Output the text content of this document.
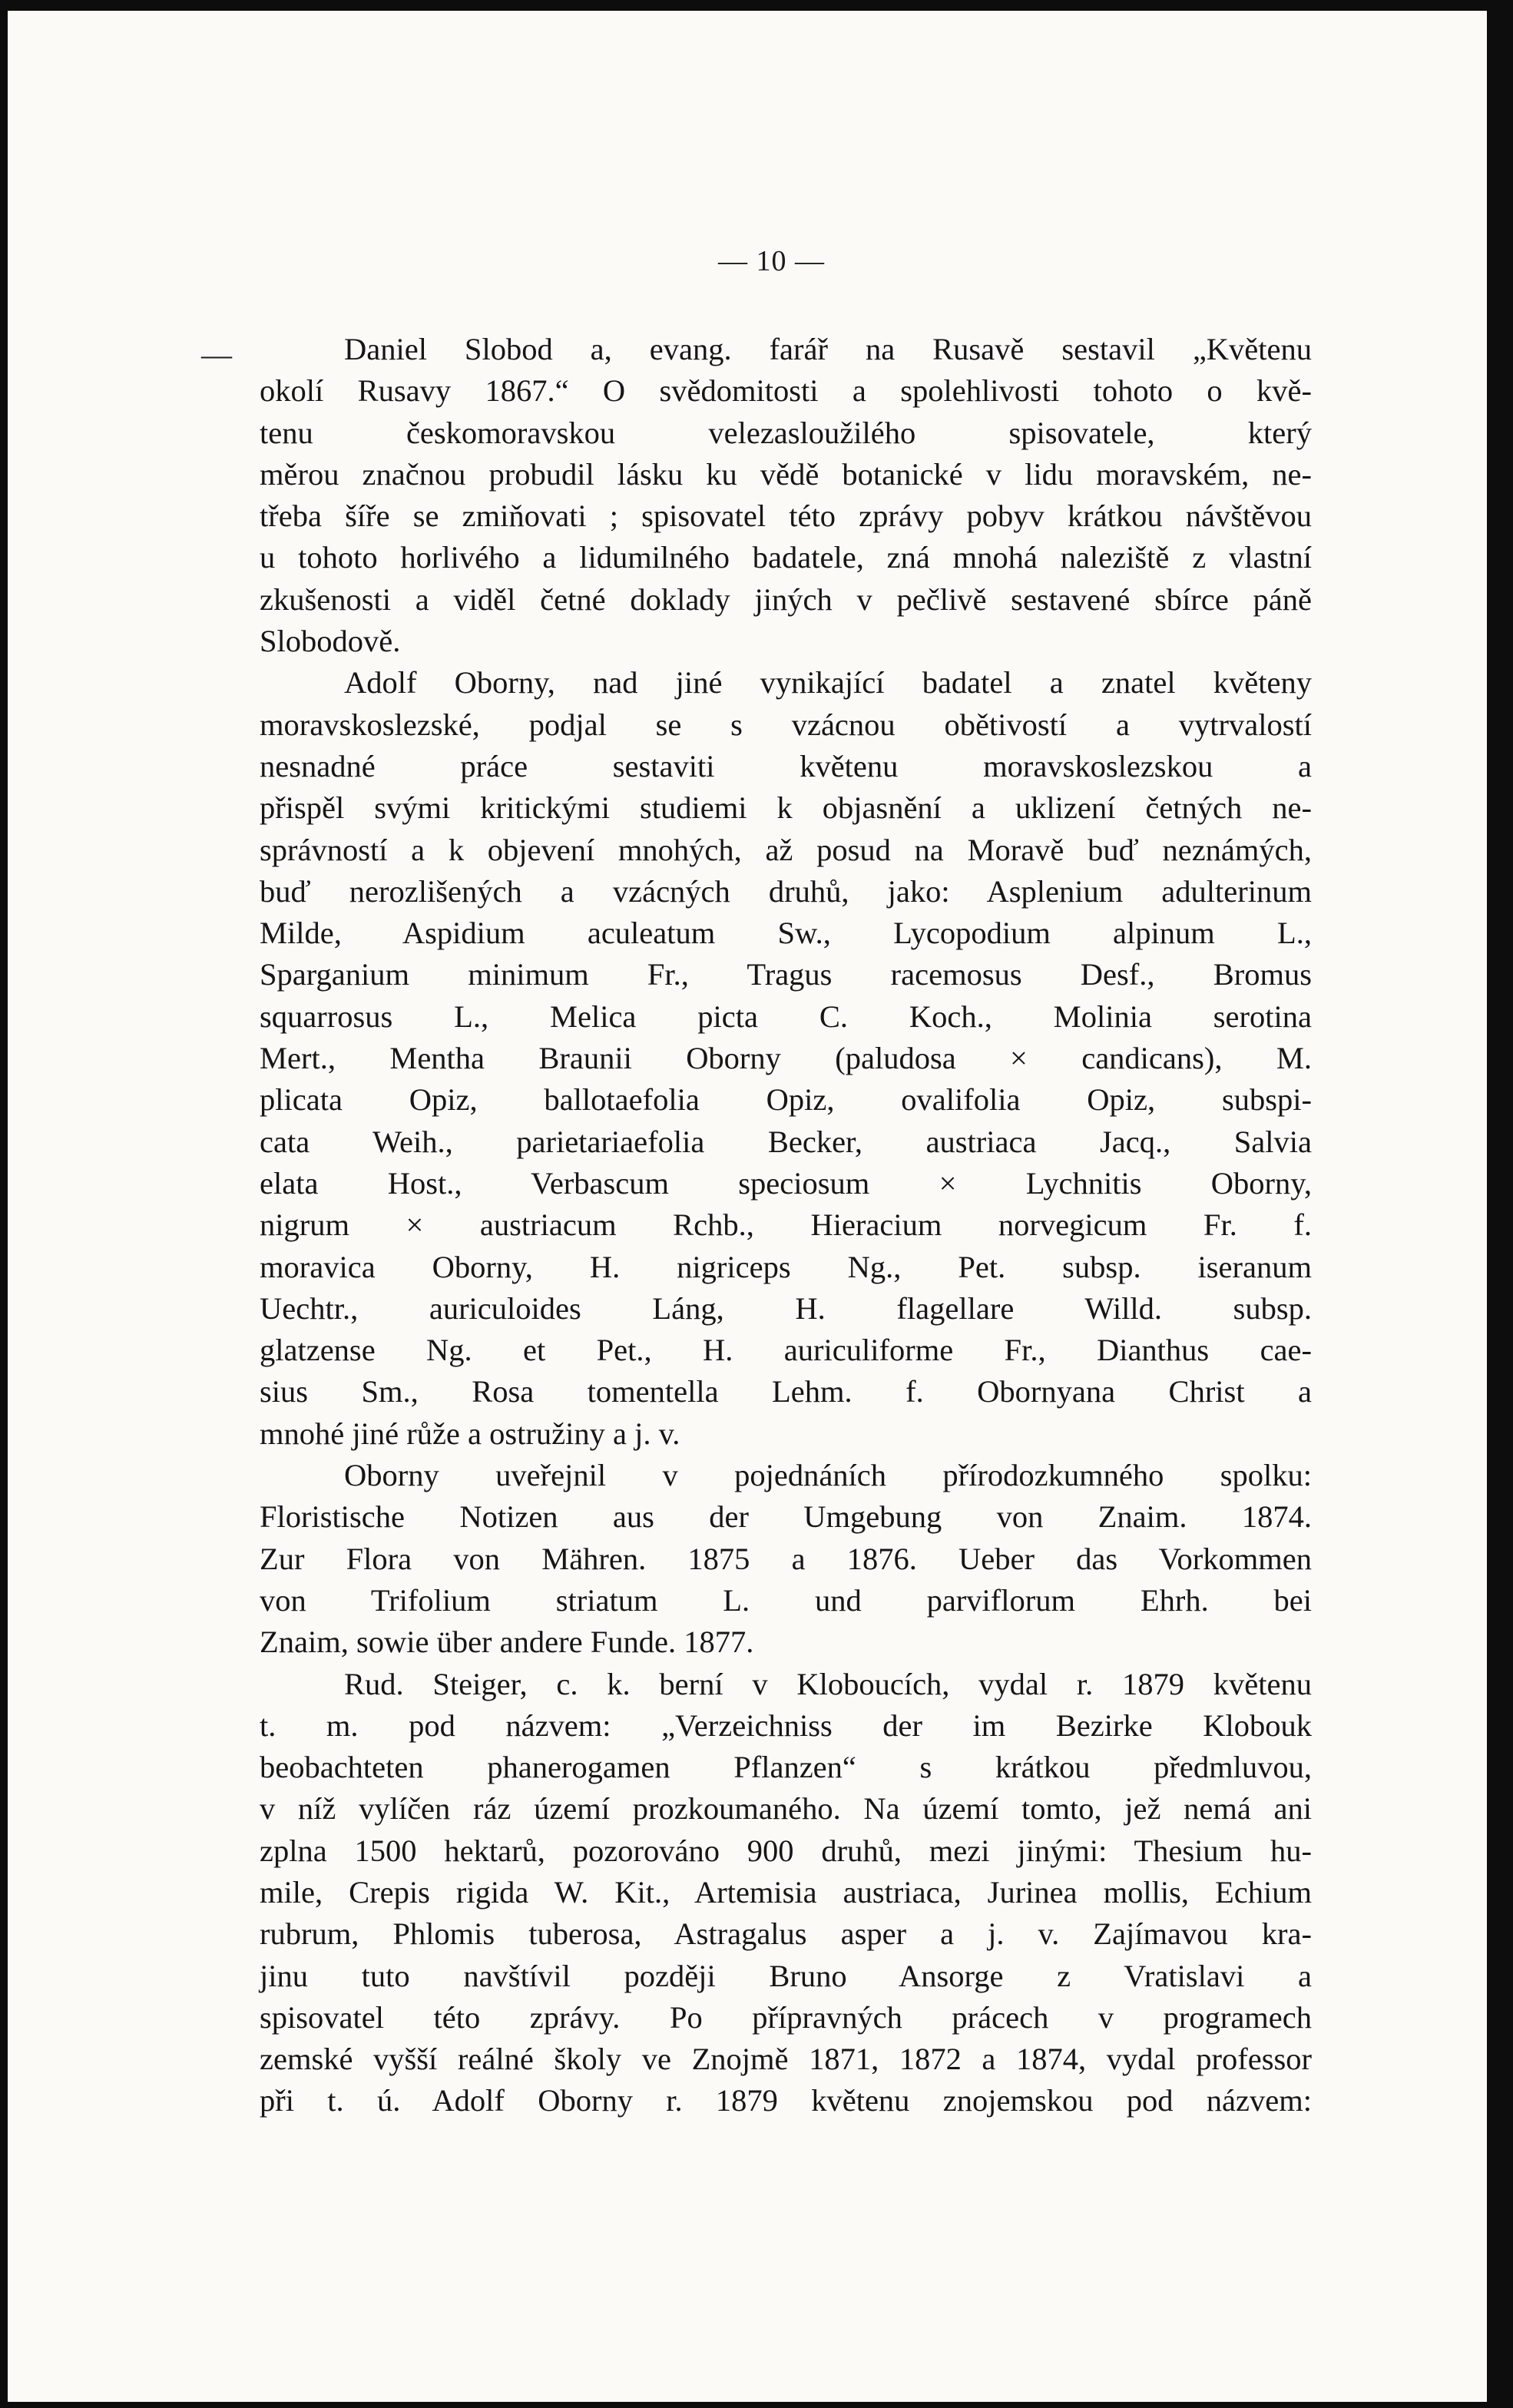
— 10 —
—	Daniel Slobod a, evang. farář na Rusavě sestavil „Květenu
okolí Rusavy 1867.“ O svědomitosti a spolehlivosti tohoto o kvě-
tenu českomoravskou velezasloužilého spisovatele, který
měrou značnou probudil lásku ku vědě botanické v lidu moravském, ne-
třeba šíře se zmiňovati ; spisovatel této zprávy pobyv krátkou návštěvou
u tohoto horlivého a lidumilného badatele, zná mnohá naleziště z vlastní
zkušenosti a viděl četné doklady jiných v pečlivě sestavené sbírce páně
Slobodově.
Adolf Oborny, nad jiné vynikající badatel a znatel květeny
moravskoslezské, podjal se s vzácnou obětivostí a vytrvalostí
nesnadné práce sestaviti květenu moravskoslezskou a
přispěl svými kritickými studiemi k objasnění a uklizení četných ne-
správností a k objevení mnohých, až posud na Moravě buď neznámých,
buď nerozlišených a vzácných druhů, jako: Asplenium adulterinum
Milde, Aspidium aculeatum Sw., Lycopodium alpinum L.,
Sparganium minimum Fr., Tragus racemosus Desf., Bromus
squarrosus L., Melica picta C. Koch., Molinia serotina
Mert., Mentha Braunii Oborny (paludosa × candicans), M.
plicata Opiz, ballotaefolia Opiz, ovalifolia Opiz, subspi-
cata Weih., parietariaefolia Becker, austriaca Jacq., Salvia
elata Host., Verbascum speciosum × Lychnitis Oborny,
nigrum × austriacum Rchb., Hieracium norvegicum Fr. f.
moravica Oborny, H. nigriceps Ng., Pet. subsp. iseranum
Uechtr., auriculoides Láng, H. flagellare Willd. subsp.
glatzense Ng. et Pet., H. auriculiforme Fr., Dianthus cae-
sius Sm., Rosa tomentella Lehm. f. Obornyana Christ a
mnohé jiné růže a ostružiny a j. v.
Oborny uveřejnil v pojednáních přírodozkumného spolku:
Floristische Notizen aus der Umgebung von Znaim. 1874.
Zur Flora von Mähren. 1875 a 1876. Ueber das Vorkommen
von Trifolium striatum L. und parviflorum Ehrh. bei
Znaim, sowie über andere Funde. 1877.
Rud. Steiger, c. k. berní v Kloboucích, vydal r. 1879 květenu
t. m. pod názvem: „Verzeichniss der im Bezirke Klobouk
beobachteten phanerogamen Pflanzen“ s krátkou předmluvou,
v níž vylíčen ráz území prozkoumaného. Na území tomto, jež nemá ani
zplna 1500 hektarů, pozorováno 900 druhů, mezi jinými: Thesium hu-
mile, Crepis rigida W. Kit., Artemisia austriaca, Jurinea mollis, Echium
rubrum, Phlomis tuberosa, Astragalus asper a j. v. Zajímavou kra-
jinu tuto navštívil později Bruno Ansorge z Vratislavi a
spisovatel této zprávy. Po přípravných prácech v programech
zemské vyšší reálné školy ve Znojmě 1871, 1872 a 1874, vydal professor
při t. ú. Adolf Oborny r. 1879 květenu znojemskou pod názvem:
